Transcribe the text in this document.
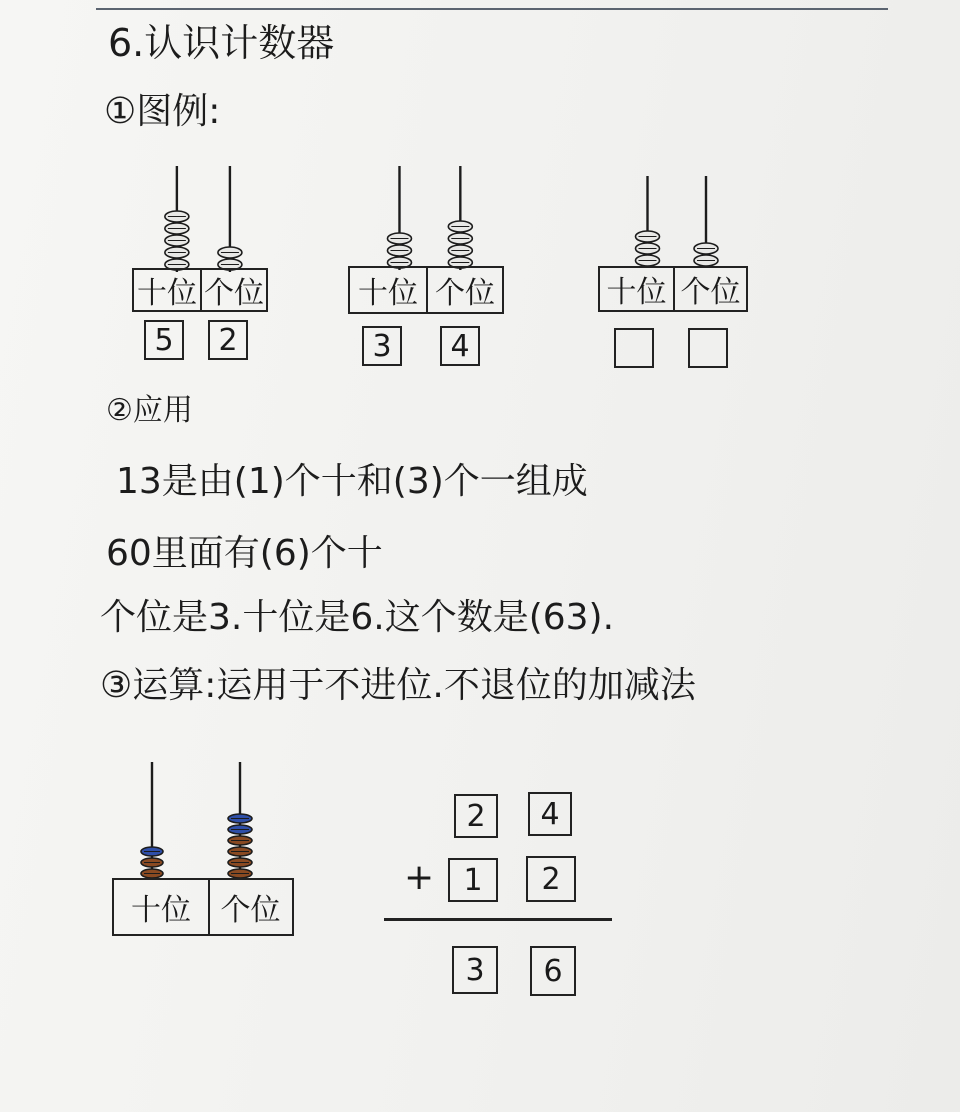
6.认识计数器
①图例:
十位 个位
5	2
十位 个位
3	4
十位 个位
②应用
13是由(1)个十和(3)个一组成
60里面有(6)个十
个位是3.十位是6.这个数是(63).
③运算:运用于不进位.不退位的加减法
十位 个位
2	4
+ 1	2
3	6
